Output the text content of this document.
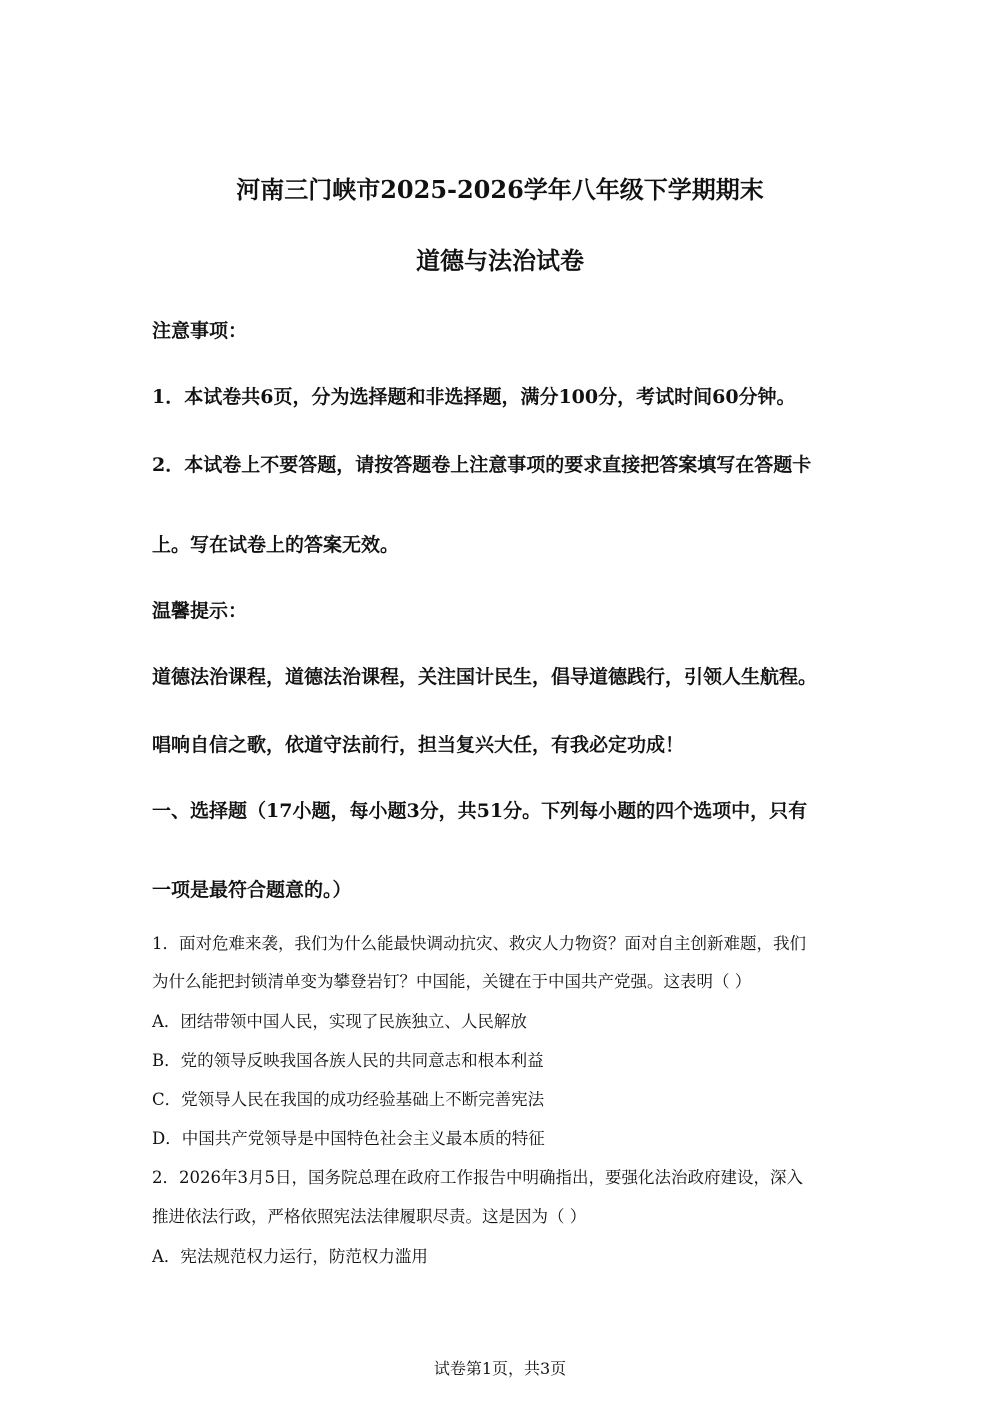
河南三门峡市2025-2026学年八年级下学期期末
道德与法治试卷
注意事项：
1．本试卷共6页，分为选择题和非选择题，满分100分，考试时间60分钟。
2．本试卷上不要答题，请按答题卷上注意事项的要求直接把答案填写在答题卡
上。写在试卷上的答案无效。
温馨提示：
道德法治课程，道德法治课程，关注国计民生，倡导道德践行，引领人生航程。
唱响自信之歌，依道守法前行，担当复兴大任，有我必定功成！
一、选择题（17小题，每小题3分，共51分。下列每小题的四个选项中，只有
一项是最符合题意的。）
1．面对危难来袭，我们为什么能最快调动抗灾、救灾人力物资？面对自主创新难题，我们
为什么能把封锁清单变为攀登岩钉？中国能，关键在于中国共产党强。这表明（ ）
A．团结带领中国人民，实现了民族独立、人民解放
B．党的领导反映我国各族人民的共同意志和根本利益
C．党领导人民在我国的成功经验基础上不断完善宪法
D．中国共产党领导是中国特色社会主义最本质的特征
2．2026年3月5日，国务院总理在政府工作报告中明确指出，要强化法治政府建设，深入
推进依法行政，严格依照宪法法律履职尽责。这是因为（ ）
A．宪法规范权力运行，防范权力滥用
试卷第1页，共3页
